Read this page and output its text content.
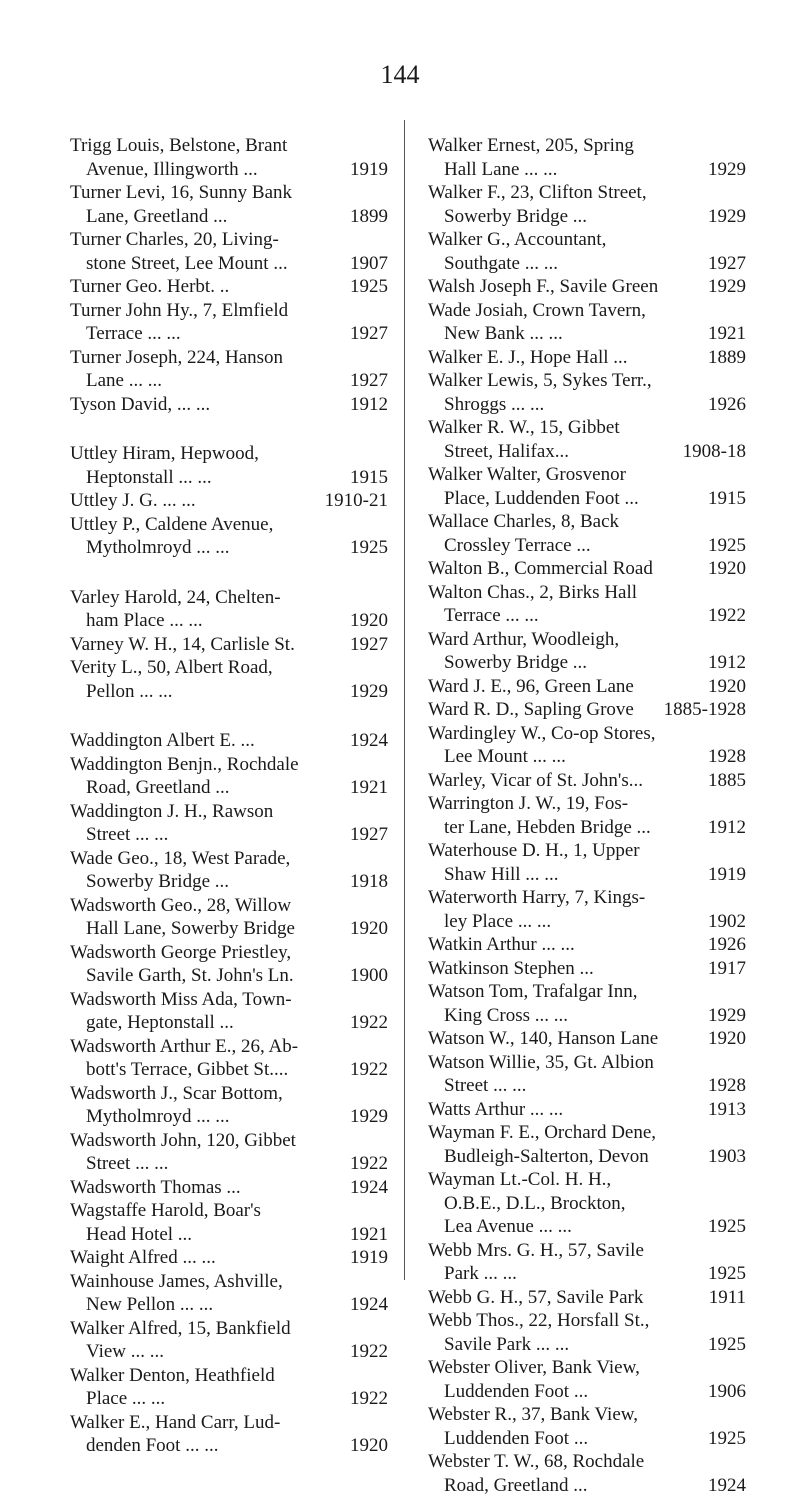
144
Trigg Louis, Belstone, Brant
Avenue, Illingworth ...	1919
Turner Levi, 16, Sunny Bank
Lane, Greetland ...	1899
Turner Charles, 20, Living-
stone Street, Lee Mount ...	1907
Turner Geo. Herbt. ..	1925
Turner John Hy., 7, Elmfield
Terrace ... ...	1927
Turner Joseph, 224, Hanson
Lane ... ...	1927
Tyson David, ... ...	1912
Uttley Hiram, Hepwood,
Heptonstall ... ...	1915
Uttley J. G. ... ...	1910-21
Uttley P., Caldene Avenue,
Mytholmroyd ... ...	1925
Varley Harold, 24, Chelten-
ham Place ... ...	1920
Varney W. H., 14, Carlisle St.	1927
Verity L., 50, Albert Road,
Pellon ... ...	1929
Waddington Albert E. ...	1924
Waddington Benjn., Rochdale
Road, Greetland ...	1921
Waddington J. H., Rawson
Street ... ...	1927
Wade Geo., 18, West Parade,
Sowerby Bridge ...	1918
Wadsworth Geo., 28, Willow
Hall Lane, Sowerby Bridge	1920
Wadsworth George Priestley,
Savile Garth, St. John's Ln.	1900
Wadsworth Miss Ada, Town-
gate, Heptonstall ...	1922
Wadsworth Arthur E., 26, Ab-
bott's Terrace, Gibbet St....	1922
Wadsworth J., Scar Bottom,
Mytholmroyd ... ...	1929
Wadsworth John, 120, Gibbet
Street ... ...	1922
Wadsworth Thomas ...	1924
Wagstaffe Harold, Boar's
Head Hotel ...	1921
Waight Alfred ... ...	1919
Wainhouse James, Ashville,
New Pellon ... ...	1924
Walker Alfred, 15, Bankfield
View ... ...	1922
Walker Denton, Heathfield
Place ... ...	1922
Walker E., Hand Carr, Lud-
denden Foot ... ...	1920
Walker Ernest, 205, Spring
Hall Lane ... ...	1929
Walker F., 23, Clifton Street,
Sowerby Bridge ...	1929
Walker G., Accountant,
Southgate ... ...	1927
Walsh Joseph F., Savile Green	1929
Wade Josiah, Crown Tavern,
New Bank ... ...	1921
Walker E. J., Hope Hall ...	1889
Walker Lewis, 5, Sykes Terr.,
Shroggs ... ...	1926
Walker R. W., 15, Gibbet
Street, Halifax...	1908-18
Walker Walter, Grosvenor
Place, Luddenden Foot ...	1915
Wallace Charles, 8, Back
Crossley Terrace ...	1925
Walton B., Commercial Road	1920
Walton Chas., 2, Birks Hall
Terrace ... ...	1922
Ward Arthur, Woodleigh,
Sowerby Bridge ...	1912
Ward J. E., 96, Green Lane	1920
Ward R. D., Sapling Grove	1885-1928
Wardingley W., Co-op Stores,
Lee Mount ... ...	1928
Warley, Vicar of St. John's...	1885
Warrington J. W., 19, Fos-
ter Lane, Hebden Bridge ...	1912
Waterhouse D. H., 1, Upper
Shaw Hill ... ...	1919
Waterworth Harry, 7, Kings-
ley Place ... ...	1902
Watkin Arthur ... ...	1926
Watkinson Stephen ...	1917
Watson Tom, Trafalgar Inn,
King Cross ... ...	1929
Watson W., 140, Hanson Lane	1920
Watson Willie, 35, Gt. Albion
Street ... ...	1928
Watts Arthur ... ...	1913
Wayman F. E., Orchard Dene,
Budleigh-Salterton, Devon	1903
Wayman Lt.-Col. H. H.,
O.B.E., D.L., Brockton,
Lea Avenue ... ...	1925
Webb Mrs. G. H., 57, Savile
Park ... ...	1925
Webb G. H., 57, Savile Park	1911
Webb Thos., 22, Horsfall St.,
Savile Park ... ...	1925
Webster Oliver, Bank View,
Luddenden Foot ...	1906
Webster R., 37, Bank View,
Luddenden Foot ...	1925
Webster T. W., 68, Rochdale
Road, Greetland ...	1924
